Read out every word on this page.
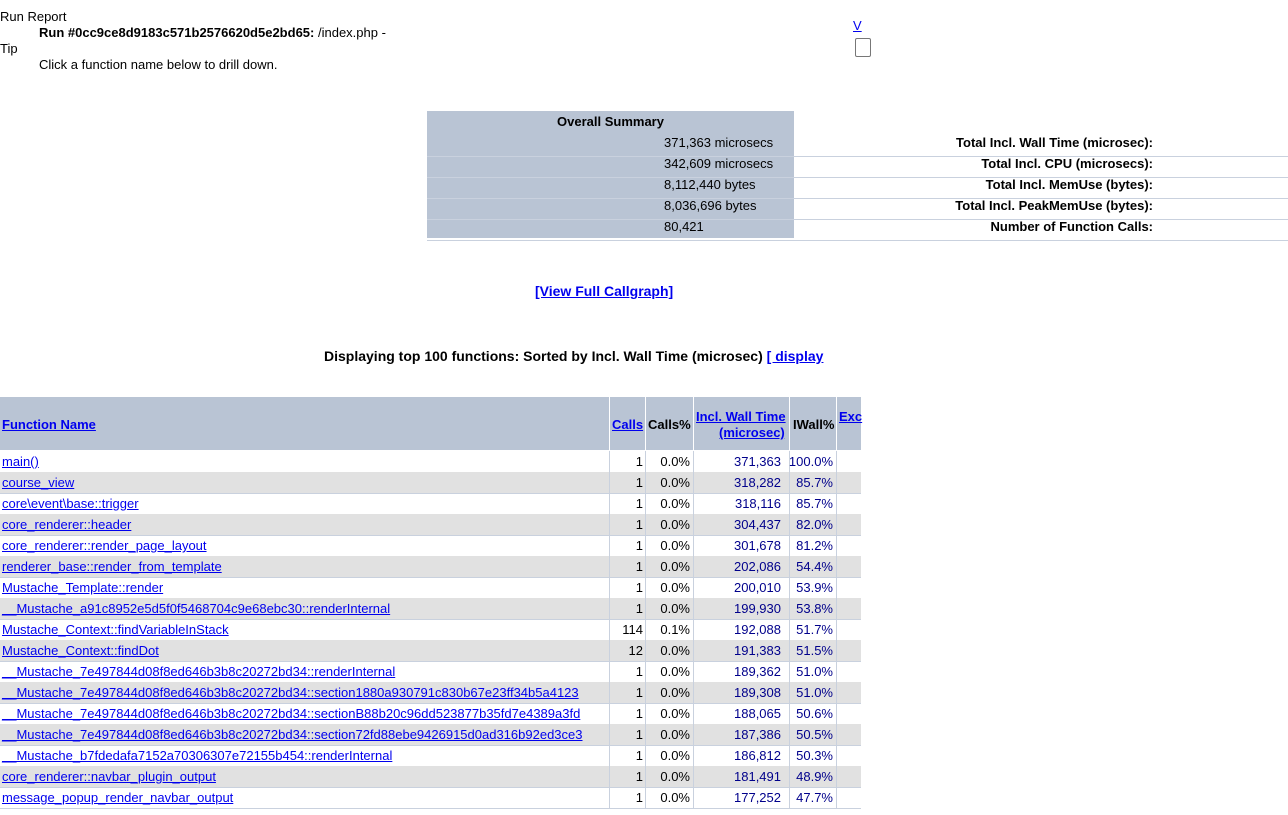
Run Report
Run #0cc9ce8d9183c571b2576620d5e2bd65: /index.php -
Tip
Click a function name below to drill down.
V
Overall Summary
Total Incl. Wall Time (microsec):
371,363 microsecs
Total Incl. CPU (microsecs):
342,609 microsecs
Total Incl. MemUse (bytes):
8,112,440 bytes
Total Incl. PeakMemUse (bytes):
8,036,696 bytes
Number of Function Calls:
80,421
[View Full Callgraph]
Displaying top 100 functions: Sorted by Incl. Wall Time (microsec) [ display
Function Name	Calls Calls%
Incl. Wall Time
(microsec)
IWall%
Exc
main()	1 0.0%	371,363 100.0%
course_view	1 0.0%	318,282 85.7%
core\event\base::trigger	1 0.0%	318,116 85.7%
core_renderer::header	1 0.0%	304,437 82.0%
core_renderer::render_page_layout	1 0.0%	301,678 81.2%
renderer_base::render_from_template	1 0.0%	202,086 54.4%
Mustache_Template::render	1 0.0%	200,010 53.9%
__Mustache_a91c8952e5d5f0f5468704c9e68ebc30::renderInternal	1 0.0%	199,930 53.8%
Mustache_Context::findVariableInStack	114 0.1%	192,088 51.7%
Mustache_Context::findDot	12 0.0%	191,383 51.5%
__Mustache_7e497844d08f8ed646b3b8c20272bd34::renderInternal	1 0.0%	189,362 51.0%
__Mustache_7e497844d08f8ed646b3b8c20272bd34::section1880a930791c830b67e23ff34b5a4123	1 0.0%	189,308 51.0%
__Mustache_7e497844d08f8ed646b3b8c20272bd34::sectionB88b20c96dd523877b35fd7e4389a3fd	1 0.0%	188,065 50.6%
__Mustache_7e497844d08f8ed646b3b8c20272bd34::section72fd88ebe9426915d0ad316b92ed3ce3	1 0.0%	187,386 50.5%
__Mustache_b7fdedafa7152a70306307e72155b454::renderInternal	1 0.0%	186,812 50.3%
core_renderer::navbar_plugin_output	1 0.0%	181,491 48.9%
message_popup_render_navbar_output	1 0.0%	177,252 47.7%
